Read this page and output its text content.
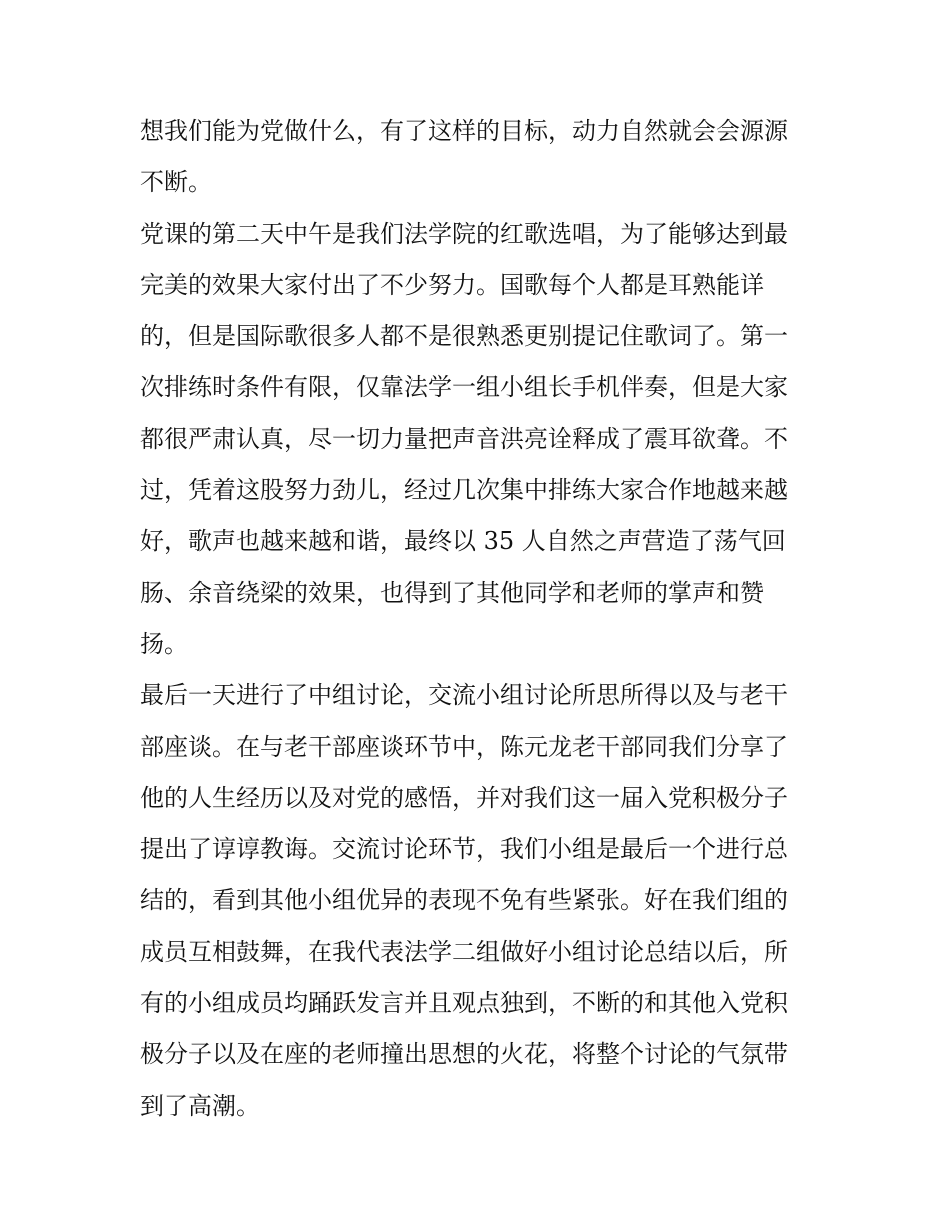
想我们能为党做什么，有了这样的目标，动力自然就会会源源
不断。
党课的第二天中午是我们法学院的红歌选唱，为了能够达到最
完美的效果大家付出了不少努力。国歌每个人都是耳熟能详
的，但是国际歌很多人都不是很熟悉更别提记住歌词了。第一
次排练时条件有限，仅靠法学一组小组长手机伴奏，但是大家
都很严肃认真，尽一切力量把声音洪亮诠释成了震耳欲聋。不
过，凭着这股努力劲儿，经过几次集中排练大家合作地越来越
好，歌声也越来越和谐，最终以 35 人自然之声营造了荡气回
肠、余音绕梁的效果，也得到了其他同学和老师的掌声和赞
扬。
最后一天进行了中组讨论，交流小组讨论所思所得以及与老干
部座谈。在与老干部座谈环节中，陈元龙老干部同我们分享了
他的人生经历以及对党的感悟，并对我们这一届入党积极分子
提出了谆谆教诲。交流讨论环节，我们小组是最后一个进行总
结的，看到其他小组优异的表现不免有些紧张。好在我们组的
成员互相鼓舞，在我代表法学二组做好小组讨论总结以后，所
有的小组成员均踊跃发言并且观点独到，不断的和其他入党积
极分子以及在座的老师撞出思想的火花，将整个讨论的气氛带
到了高潮。
